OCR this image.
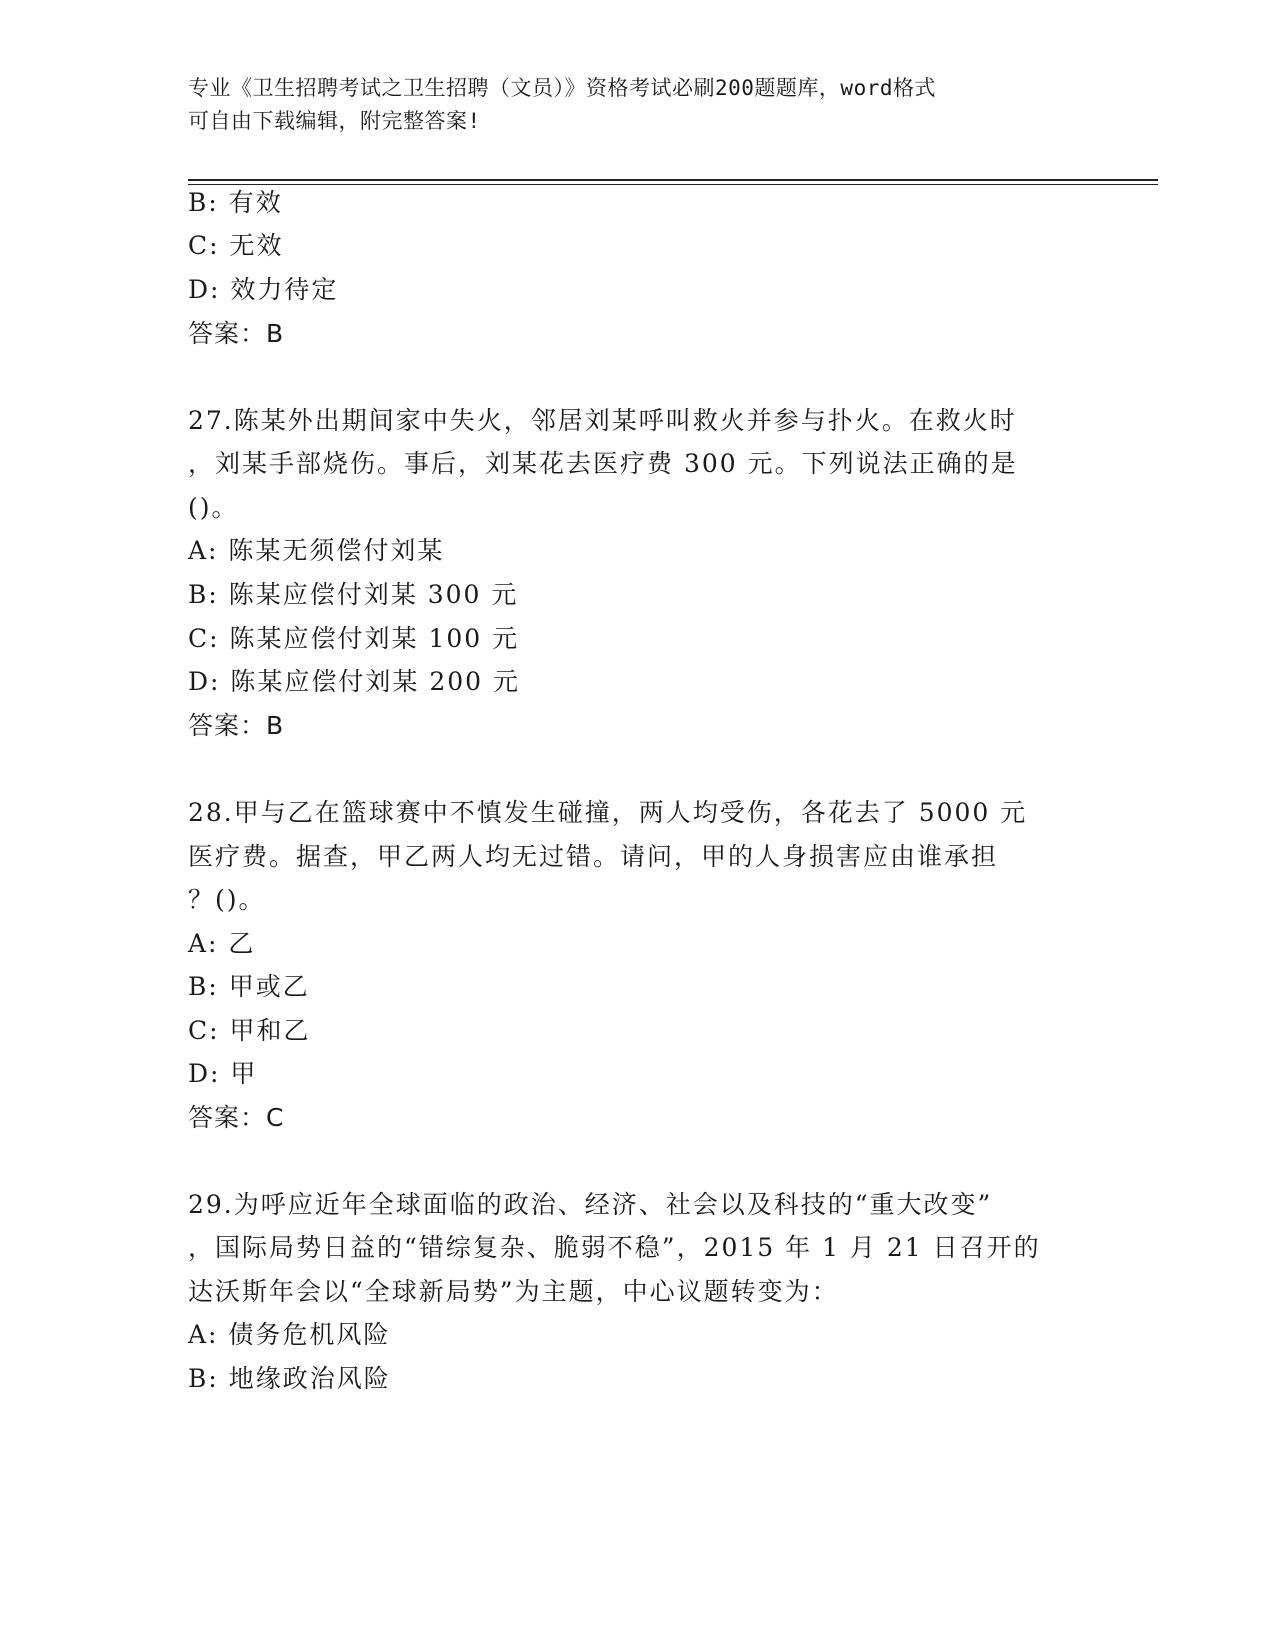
专业《卫生招聘考试之卫生招聘（文员）》资格考试必刷200题题库，word格式
可自由下载编辑，附完整答案!
B: 有效
C: 无效
D: 效力待定
答案：B
27.陈某外出期间家中失火，邻居刘某呼叫救火并参与扑火。在救火时
，刘某手部烧伤。事后，刘某花去医疗费 300 元。下列说法正确的是
()。
A: 陈某无须偿付刘某
B: 陈某应偿付刘某 300 元
C: 陈某应偿付刘某 100 元
D: 陈某应偿付刘某 200 元
答案：B
28.甲与乙在篮球赛中不慎发生碰撞，两人均受伤，各花去了 5000 元
医疗费。据查，甲乙两人均无过错。请问，甲的人身损害应由谁承担
？()。
A: 乙
B: 甲或乙
C: 甲和乙
D: 甲
答案：C
29.为呼应近年全球面临的政治、经济、社会以及科技的“重大改变”
，国际局势日益的“错综复杂、脆弱不稳”，2015 年 1 月 21 日召开的
达沃斯年会以“全球新局势”为主题，中心议题转变为：
A: 债务危机风险
B: 地缘政治风险
